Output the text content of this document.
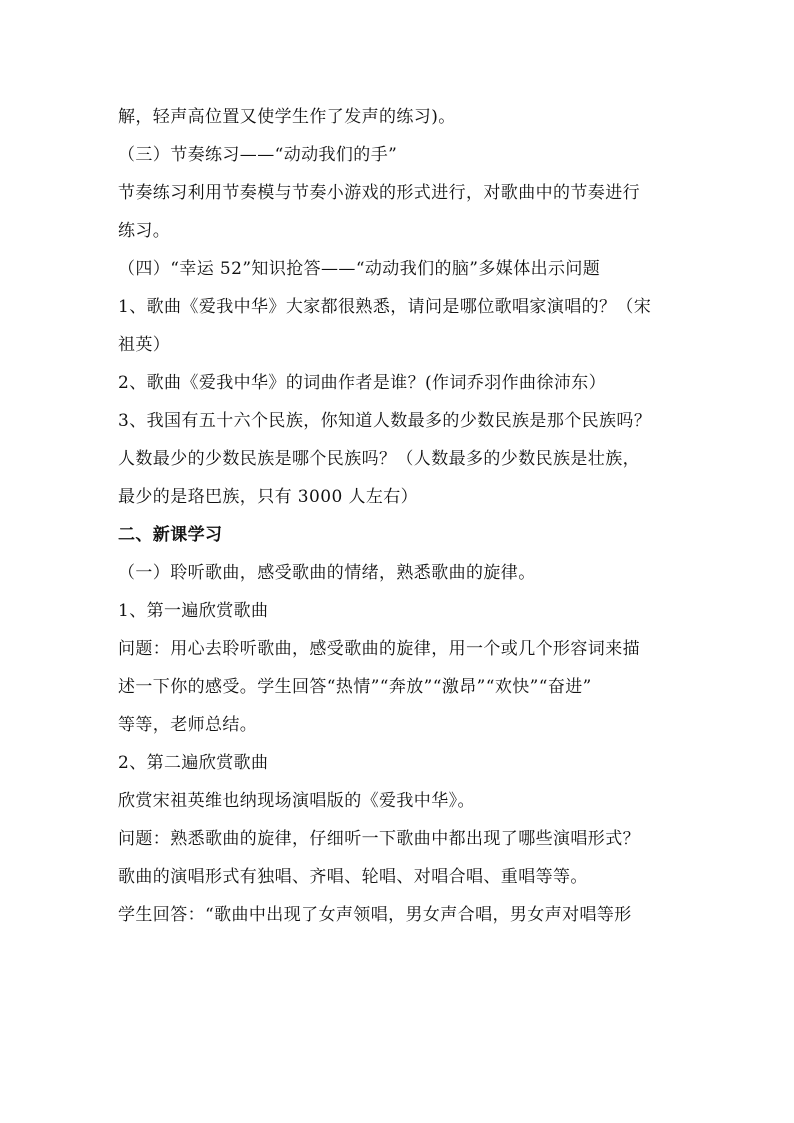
解，轻声高位置又使学生作了发声的练习)。
（三）节奏练习——“动动我们的手”
节奏练习利用节奏模与节奏小游戏的形式进行，对歌曲中的节奏进行
练习。
（四）“幸运 52”知识抢答——“动动我们的脑”多媒体出示问题
1、歌曲《爱我中华》大家都很熟悉，请问是哪位歌唱家演唱的？（宋
祖英）
2、歌曲《爱我中华》的词曲作者是谁？(作词乔羽作曲徐沛东）
3、我国有五十六个民族，你知道人数最多的少数民族是那个民族吗？
人数最少的少数民族是哪个民族吗？（人数最多的少数民族是壮族，
最少的是珞巴族，只有 3000 人左右）
二、新课学习
（一）聆听歌曲，感受歌曲的情绪，熟悉歌曲的旋律。
1、第一遍欣赏歌曲
问题：用心去聆听歌曲，感受歌曲的旋律，用一个或几个形容词来描
述一下你的感受。学生回答“热情”“奔放”“激昂”“欢快”“奋进”
等等，老师总结。
2、第二遍欣赏歌曲
欣赏宋祖英维也纳现场演唱版的《爱我中华》。
问题：熟悉歌曲的旋律，仔细听一下歌曲中都出现了哪些演唱形式？
歌曲的演唱形式有独唱、齐唱、轮唱、对唱合唱、重唱等等。
学生回答：“歌曲中出现了女声领唱，男女声合唱，男女声对唱等形
